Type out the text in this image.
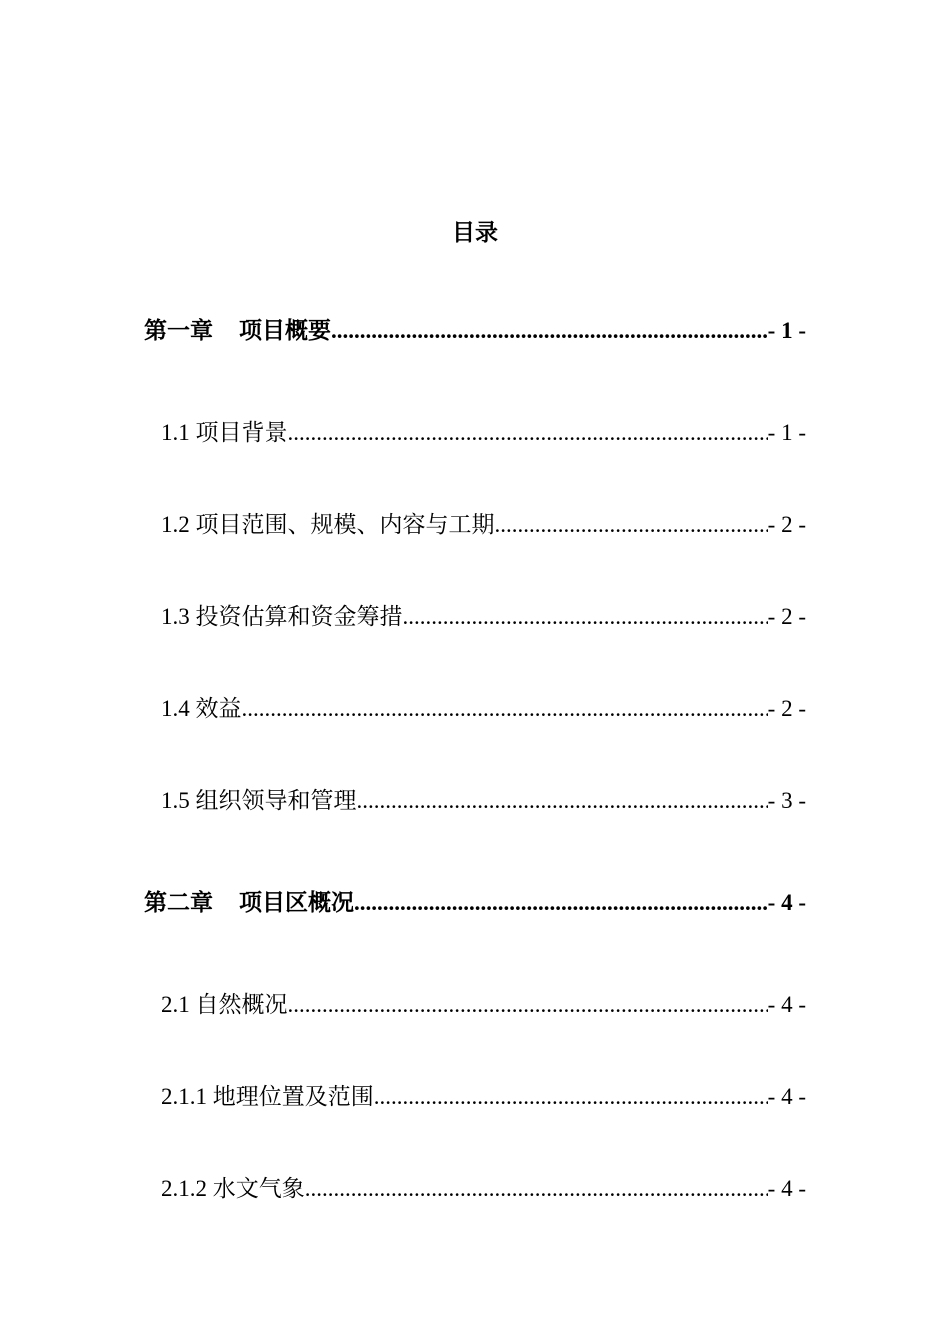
目录
第一章 项目概要 .....	- 1 -
1.1 项目背景 .....	- 1 -
1.2 项目范围、规模、内容与工期 .....	- 2 -
1.3 投资估算和资金筹措 .....	- 2 -
1.4 效益 .....	- 2 -
1.5 组织领导和管理 .....	- 3 -
第二章 项目区概况 .....	- 4 -
2.1 自然概况 .....	- 4 -
2.1.1 地理位置及范围 .....	- 4 -
2.1.2 水文气象 .....	- 4 -
